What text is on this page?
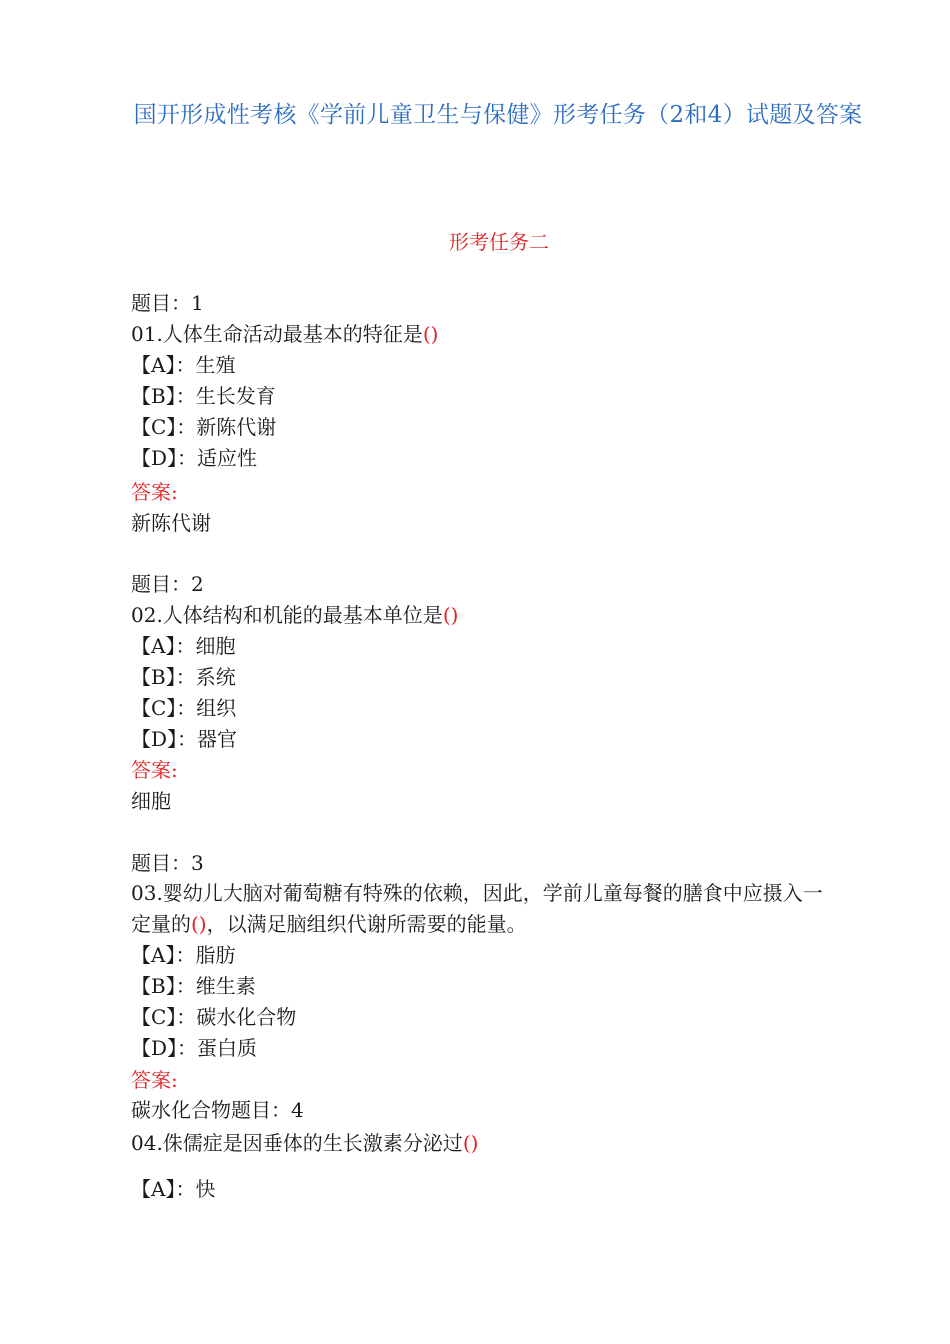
国开形成性考核《学前儿童卫生与保健》形考任务（2和4）试题及答案
形考任务二
题目：1
01.人体生命活动最基本的特征是()
【A】：生殖
【B】：生长发育
【C】：新陈代谢
【D】：适应性
答案:
新陈代谢
题目：2
02.人体结构和机能的最基本单位是()
【A】：细胞
【B】：系统
【C】：组织
【D】：器官
答案:
细胞
题目：3
03.婴幼儿大脑对葡萄糖有特殊的依赖，因此，学前儿童每餐的膳食中应摄入一
定量的()，以满足脑组织代谢所需要的能量。
【A】：脂肪
【B】：维生素
【C】：碳水化合物
【D】：蛋白质
答案:
碳水化合物题目：4
04.侏儒症是因垂体的生长激素分泌过()
【A】：快
